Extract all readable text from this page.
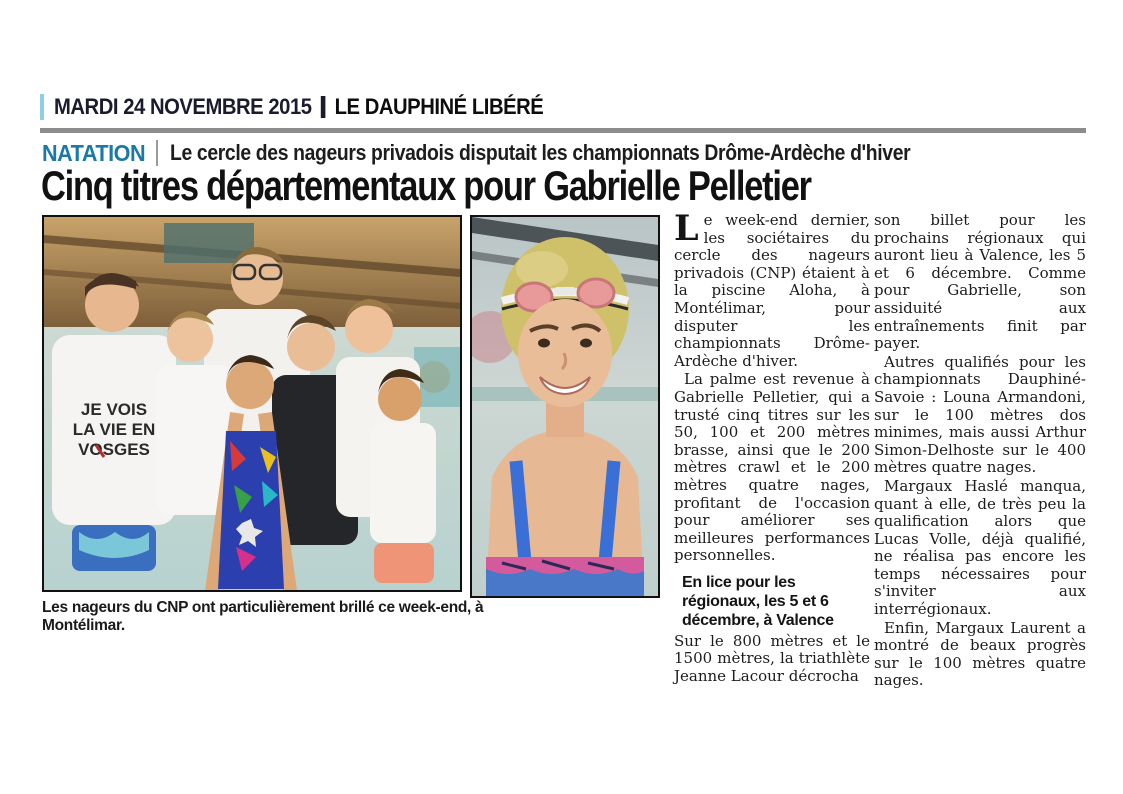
MARDI 24 NOVEMBRE 2015 LE DAUPHINÉ LIBÉRÉ
NATATION Le cercle des nageurs privadois disputait les championnats Drôme-Ardèche d'hiver
Cinq titres départementaux pour Gabrielle Pelletier
JE VOIS
LA VIE EN
VOSGES
Les nageurs du CNP ont particulièrement brillé ce week-end, à Montélimar.

Le week-end dernier, les sociétaires du cercle des nageurs privadois (CNP) étaient à la piscine Aloha, à Montélimar, pour disputer les championnats Drôme-Ardèche d'hiver.

La palme est revenue à Gabrielle Pelletier, qui a trusté cinq titres sur les 50, 100 et 200 mètres brasse, ainsi que le 200 mètres crawl et le 200 mètres quatre nages, profitant de l'occasion pour améliorer ses meilleures performances personnelles.

En lice pour les régionaux, les 5 et 6 décembre, à Valence

Sur le 800 mètres et le 1500 mètres, la triathlète Jeanne Lacour décrocha

son billet pour les prochains régionaux qui auront lieu à Valence, les 5 et 6 décembre. Comme pour Gabrielle, son assiduité aux entraînements finit par payer.

Autres qualifiés pour les championnats Dauphiné-Savoie : Louna Armandoni, sur le 100 mètres dos minimes, mais aussi Arthur Simon-Delhoste sur le 400 mètres quatre nages.

Margaux Haslé manqua, quant à elle, de très peu la qualification alors que Lucas Volle, déjà qualifié, ne réalisa pas encore les temps nécessaires pour s'inviter aux interrégionaux.

Enfin, Margaux Laurent a montré de beaux progrès sur le 100 mètres quatre nages.
